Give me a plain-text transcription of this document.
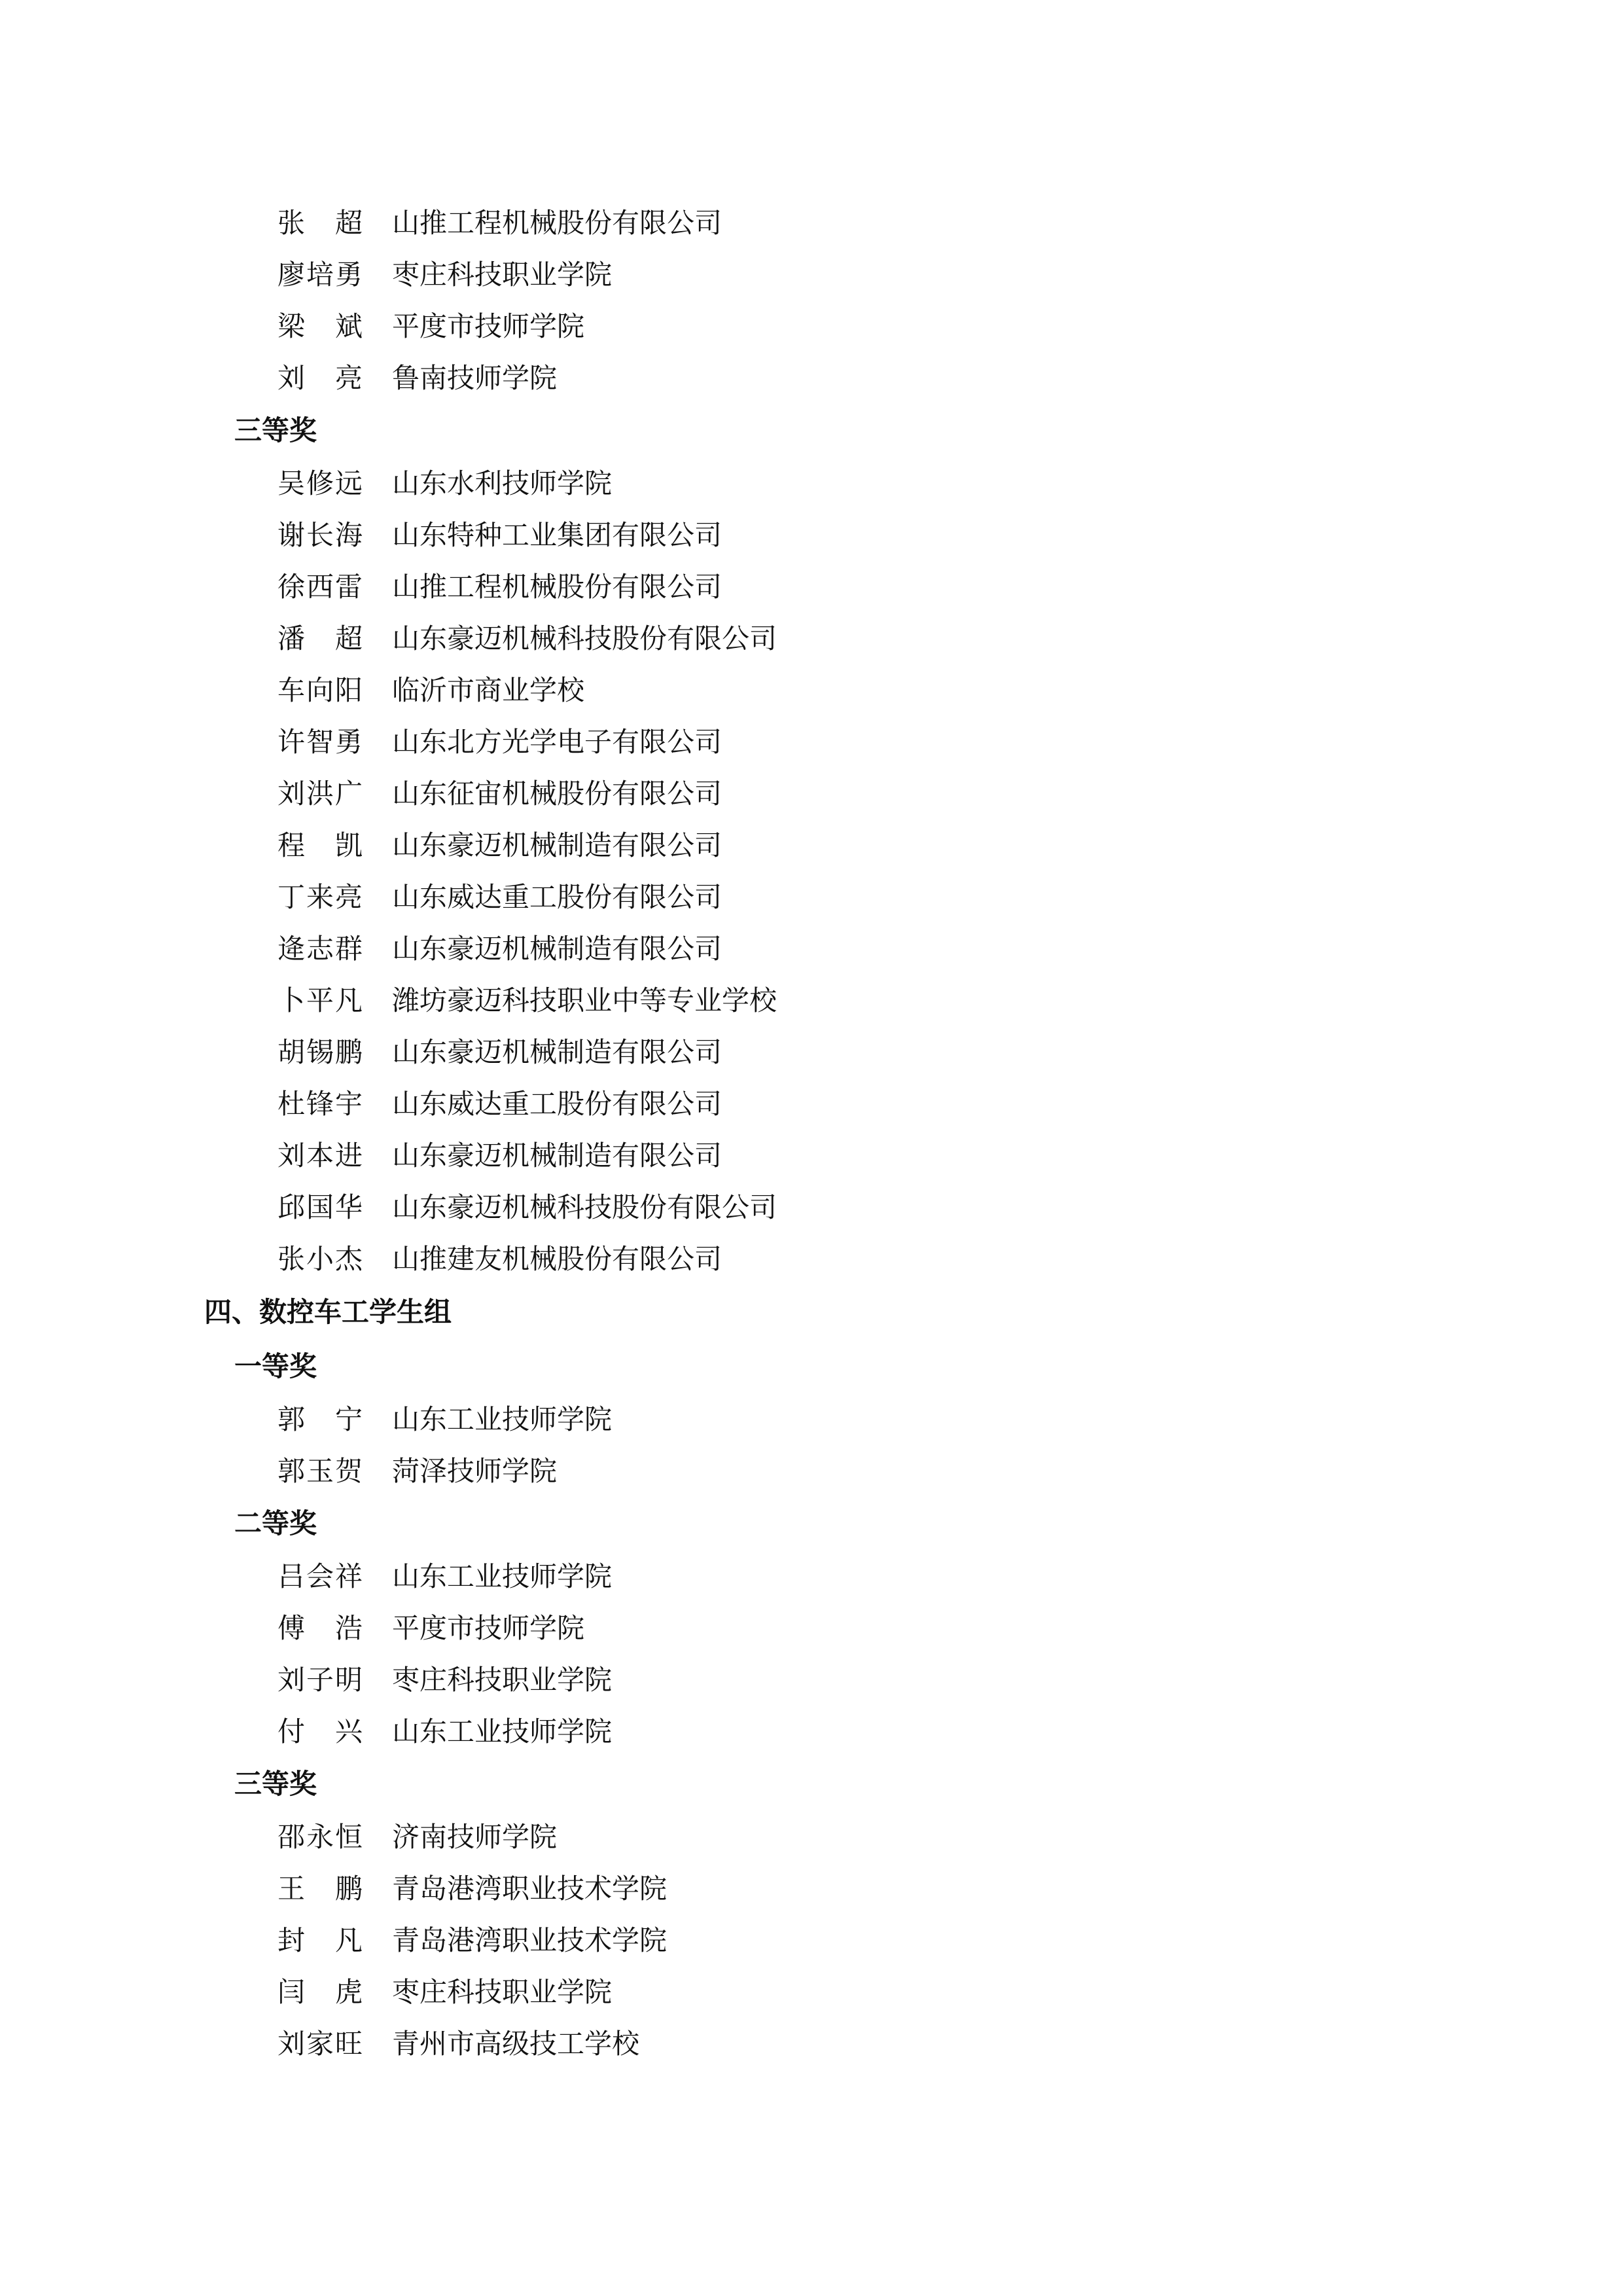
张　超 山推工程机械股份有限公司
廖培勇 枣庄科技职业学院
梁　斌 平度市技师学院
刘　亮 鲁南技师学院
三等奖
吴修远 山东水利技师学院
谢长海 山东特种工业集团有限公司
徐西雷 山推工程机械股份有限公司
潘　超 山东豪迈机械科技股份有限公司
车向阳 临沂市商业学校
许智勇 山东北方光学电子有限公司
刘洪广 山东征宙机械股份有限公司
程　凯 山东豪迈机械制造有限公司
丁来亮 山东威达重工股份有限公司
逄志群 山东豪迈机械制造有限公司
卜平凡 潍坊豪迈科技职业中等专业学校
胡锡鹏 山东豪迈机械制造有限公司
杜锋宇 山东威达重工股份有限公司
刘本进 山东豪迈机械制造有限公司
邱国华 山东豪迈机械科技股份有限公司
张小杰 山推建友机械股份有限公司
四、数控车工学生组
一等奖
郭　宁 山东工业技师学院
郭玉贺 菏泽技师学院
二等奖
吕会祥 山东工业技师学院
傅　浩 平度市技师学院
刘子明 枣庄科技职业学院
付　兴 山东工业技师学院
三等奖
邵永恒 济南技师学院
王　鹏 青岛港湾职业技术学院
封　凡 青岛港湾职业技术学院
闫　虎 枣庄科技职业学院
刘家旺 青州市高级技工学校
